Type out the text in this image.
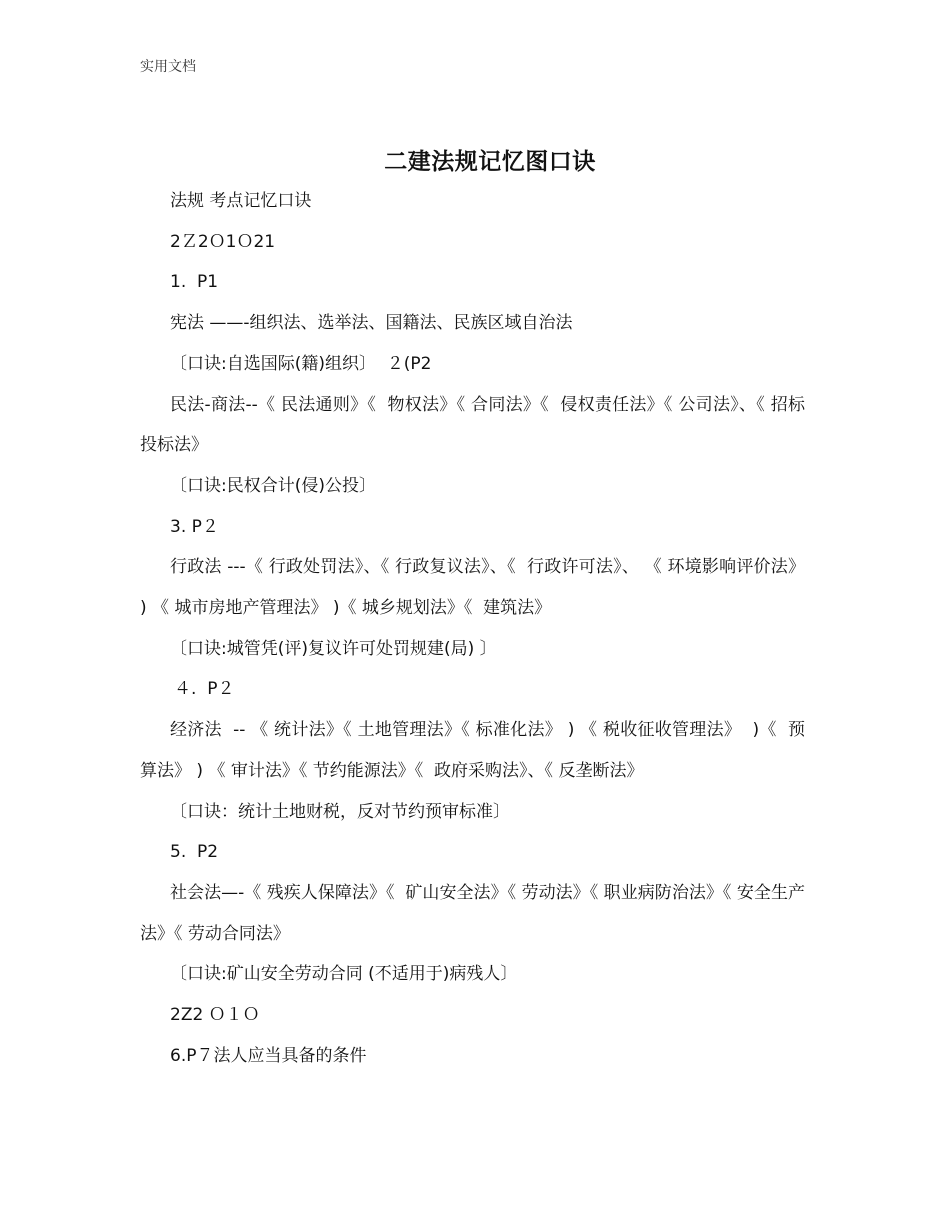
实用文档
二建法规记忆图口诀

法规 考点记忆口诀

2Ｚ2Ｏ1Ｏ21

1.  P1

宪法 ——-组织法、选举法、国籍法、民族区域自治法

〔口诀:自选国际(籍)组织〕  ２(P2

民法-商法--《 民法通则》《  物权法》《 合同法》《  侵权责任法》《 公司法》、《 招标投标法》

〔口诀:民权合计(侵)公投〕

3. P２

行政法 ---《 行政处罚法》、《 行政复议法》、《  行政许可法》、 《 环境影响评价法》  ) 《 城市房地产管理法》 )《 城乡规划法》《  建筑法》

〔口诀:城管凭(评)复议许可处罚规建(局) 〕

４.  P２

经济法  -- 《 统计法》《 土地管理法》《 标准化法》 ) 《 税收征收管理法》  )《  预算法》 ) 《 审计法》《 节约能源法》《  政府采购法》、《 反垄断法》

〔口诀：统计土地财税，反对节约预审标准〕

5.  P2

社会法—-《 残疾人保障法》《  矿山安全法》《 劳动法》《 职业病防治法》《 安全生产法》《 劳动合同法》

〔口诀:矿山安全劳动合同 (不适用于)病残人〕

2Z2 Ｏ１Ｏ

6.P７法人应当具备的条件
